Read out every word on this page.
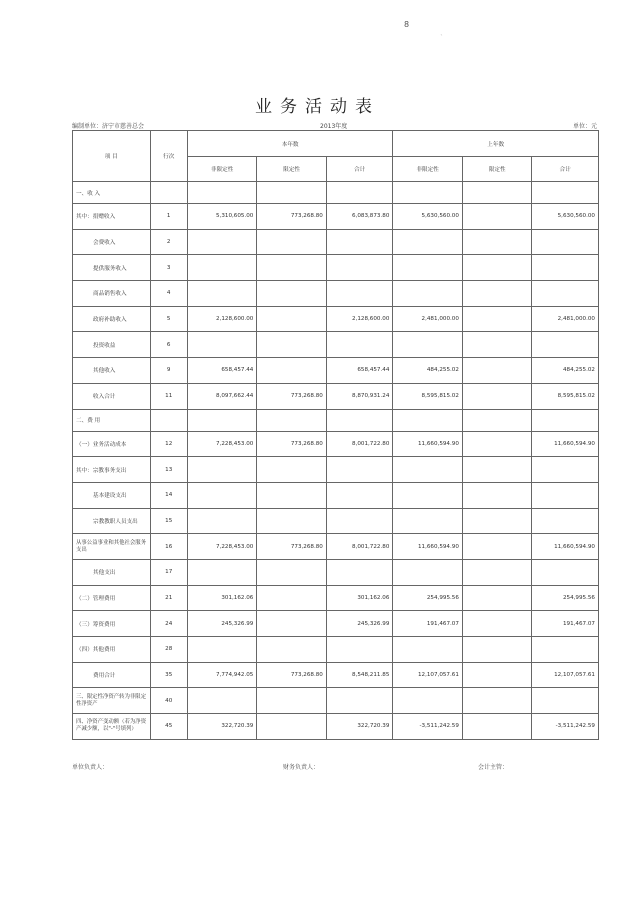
8
ˋ
业务活动表
编制单位：济宁市慈善总会	2013年度	单位：元
项 目	行次	本年数			上年数		
		非限定性	限定性	合计	非限定性	限定性	合计
一、收 入							
其中：捐赠收入	1	5,310,605.00	773,268.80	6,083,873.80	5,630,560.00		5,630,560.00
会费收入	2						
提供服务收入	3						
商品销售收入	4						
政府补助收入	5	2,128,600.00		2,128,600.00	2,481,000.00		2,481,000.00
投资收益	6						
其他收入	9	658,457.44		658,457.44	484,255.02		484,255.02
收入合计	11	8,097,662.44	773,268.80	8,870,931.24	8,595,815.02		8,595,815.02
二、费 用							
（一）业务活动成本	12	7,228,453.00	773,268.80	8,001,722.80	11,660,594.90		11,660,594.90
其中：宗教事务支出	13						
基本建设支出	14						
宗教教职人员支出	15						
从事公益事业和其他社会服务支出	16	7,228,453.00	773,268.80	8,001,722.80	11,660,594.90		11,660,594.90
其他支出	17						
（二）管理费用	21	301,162.06		301,162.06	254,995.56		254,995.56
（三）筹资费用	24	245,326.99		245,326.99	191,467.07		191,467.07
（四）其他费用	28						
费用合计	35	7,774,942.05	773,268.80	8,548,211.85	12,107,057.61		12,107,057.61
三、限定性净资产转为非限定性净资产	40						
四、净资产变动额（若为净资产减少额，以"-"号填列）	45	322,720.39		322,720.39	-3,511,242.59		-3,511,242.59
单位负责人：	财务负责人：	会计主管：
